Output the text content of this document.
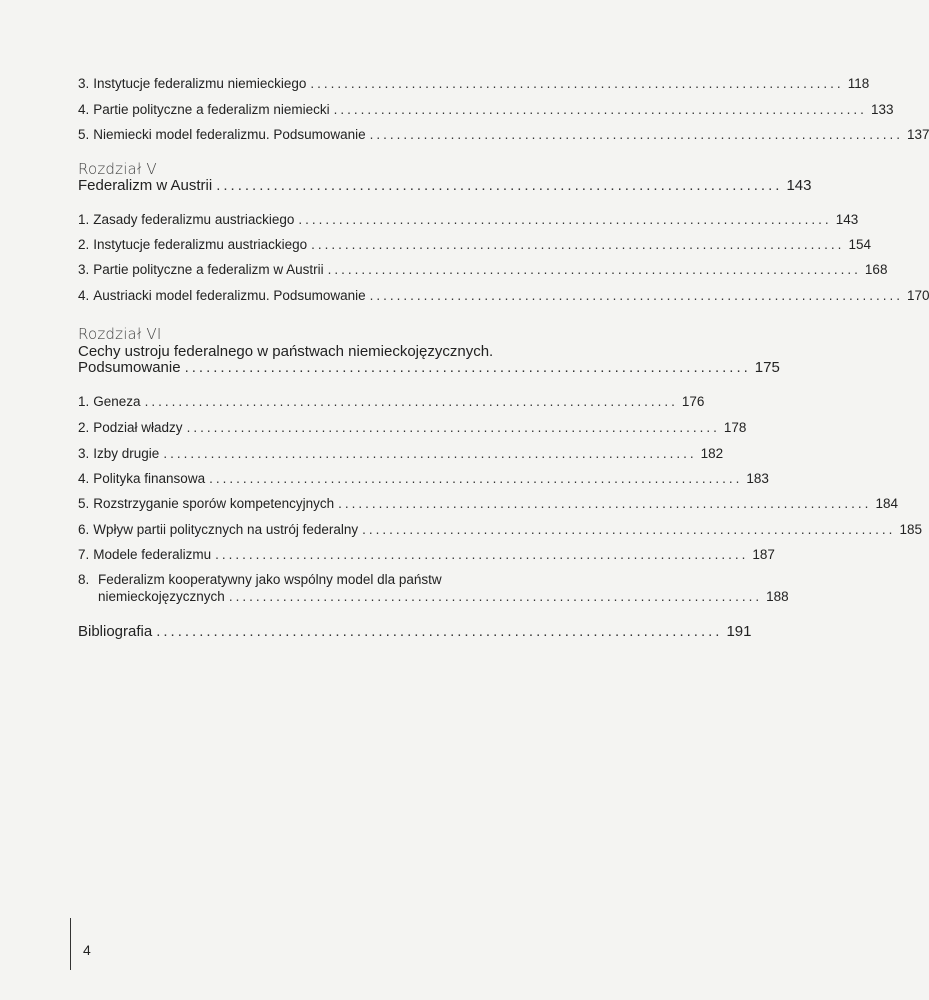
3. Instytucje federalizmu niemieckiego ............................................................................... 118
4. Partie polityczne a federalizm niemiecki ............................................................................... 133
5. Niemiecki model federalizmu. Podsumowanie ............................................................................... 137
Rozdział V
Federalizm w Austrii ............................................................................... 143
1. Zasady federalizmu austriackiego ............................................................................... 143
2. Instytucje federalizmu austriackiego ............................................................................... 154
3. Partie polityczne a federalizm w Austrii ............................................................................... 168
4. Austriacki model federalizmu. Podsumowanie ............................................................................... 170
Rozdział VI
Cechy ustroju federalnego w państwach niemieckojęzycznych.
Podsumowanie ............................................................................... 175
1. Geneza ............................................................................... 176
2. Podział władzy ............................................................................... 178
3. Izby drugie ............................................................................... 182
4. Polityka finansowa ............................................................................... 183
5. Rozstrzyganie sporów kompetencyjnych ............................................................................... 184
6. Wpływ partii politycznych na ustrój federalny ............................................................................... 185
7. Modele federalizmu ............................................................................... 187
8. Federalizm kooperatywny jako wspólny model dla państw
niemieckojęzycznych ............................................................................... 188
Bibliografia ............................................................................... 191
4
